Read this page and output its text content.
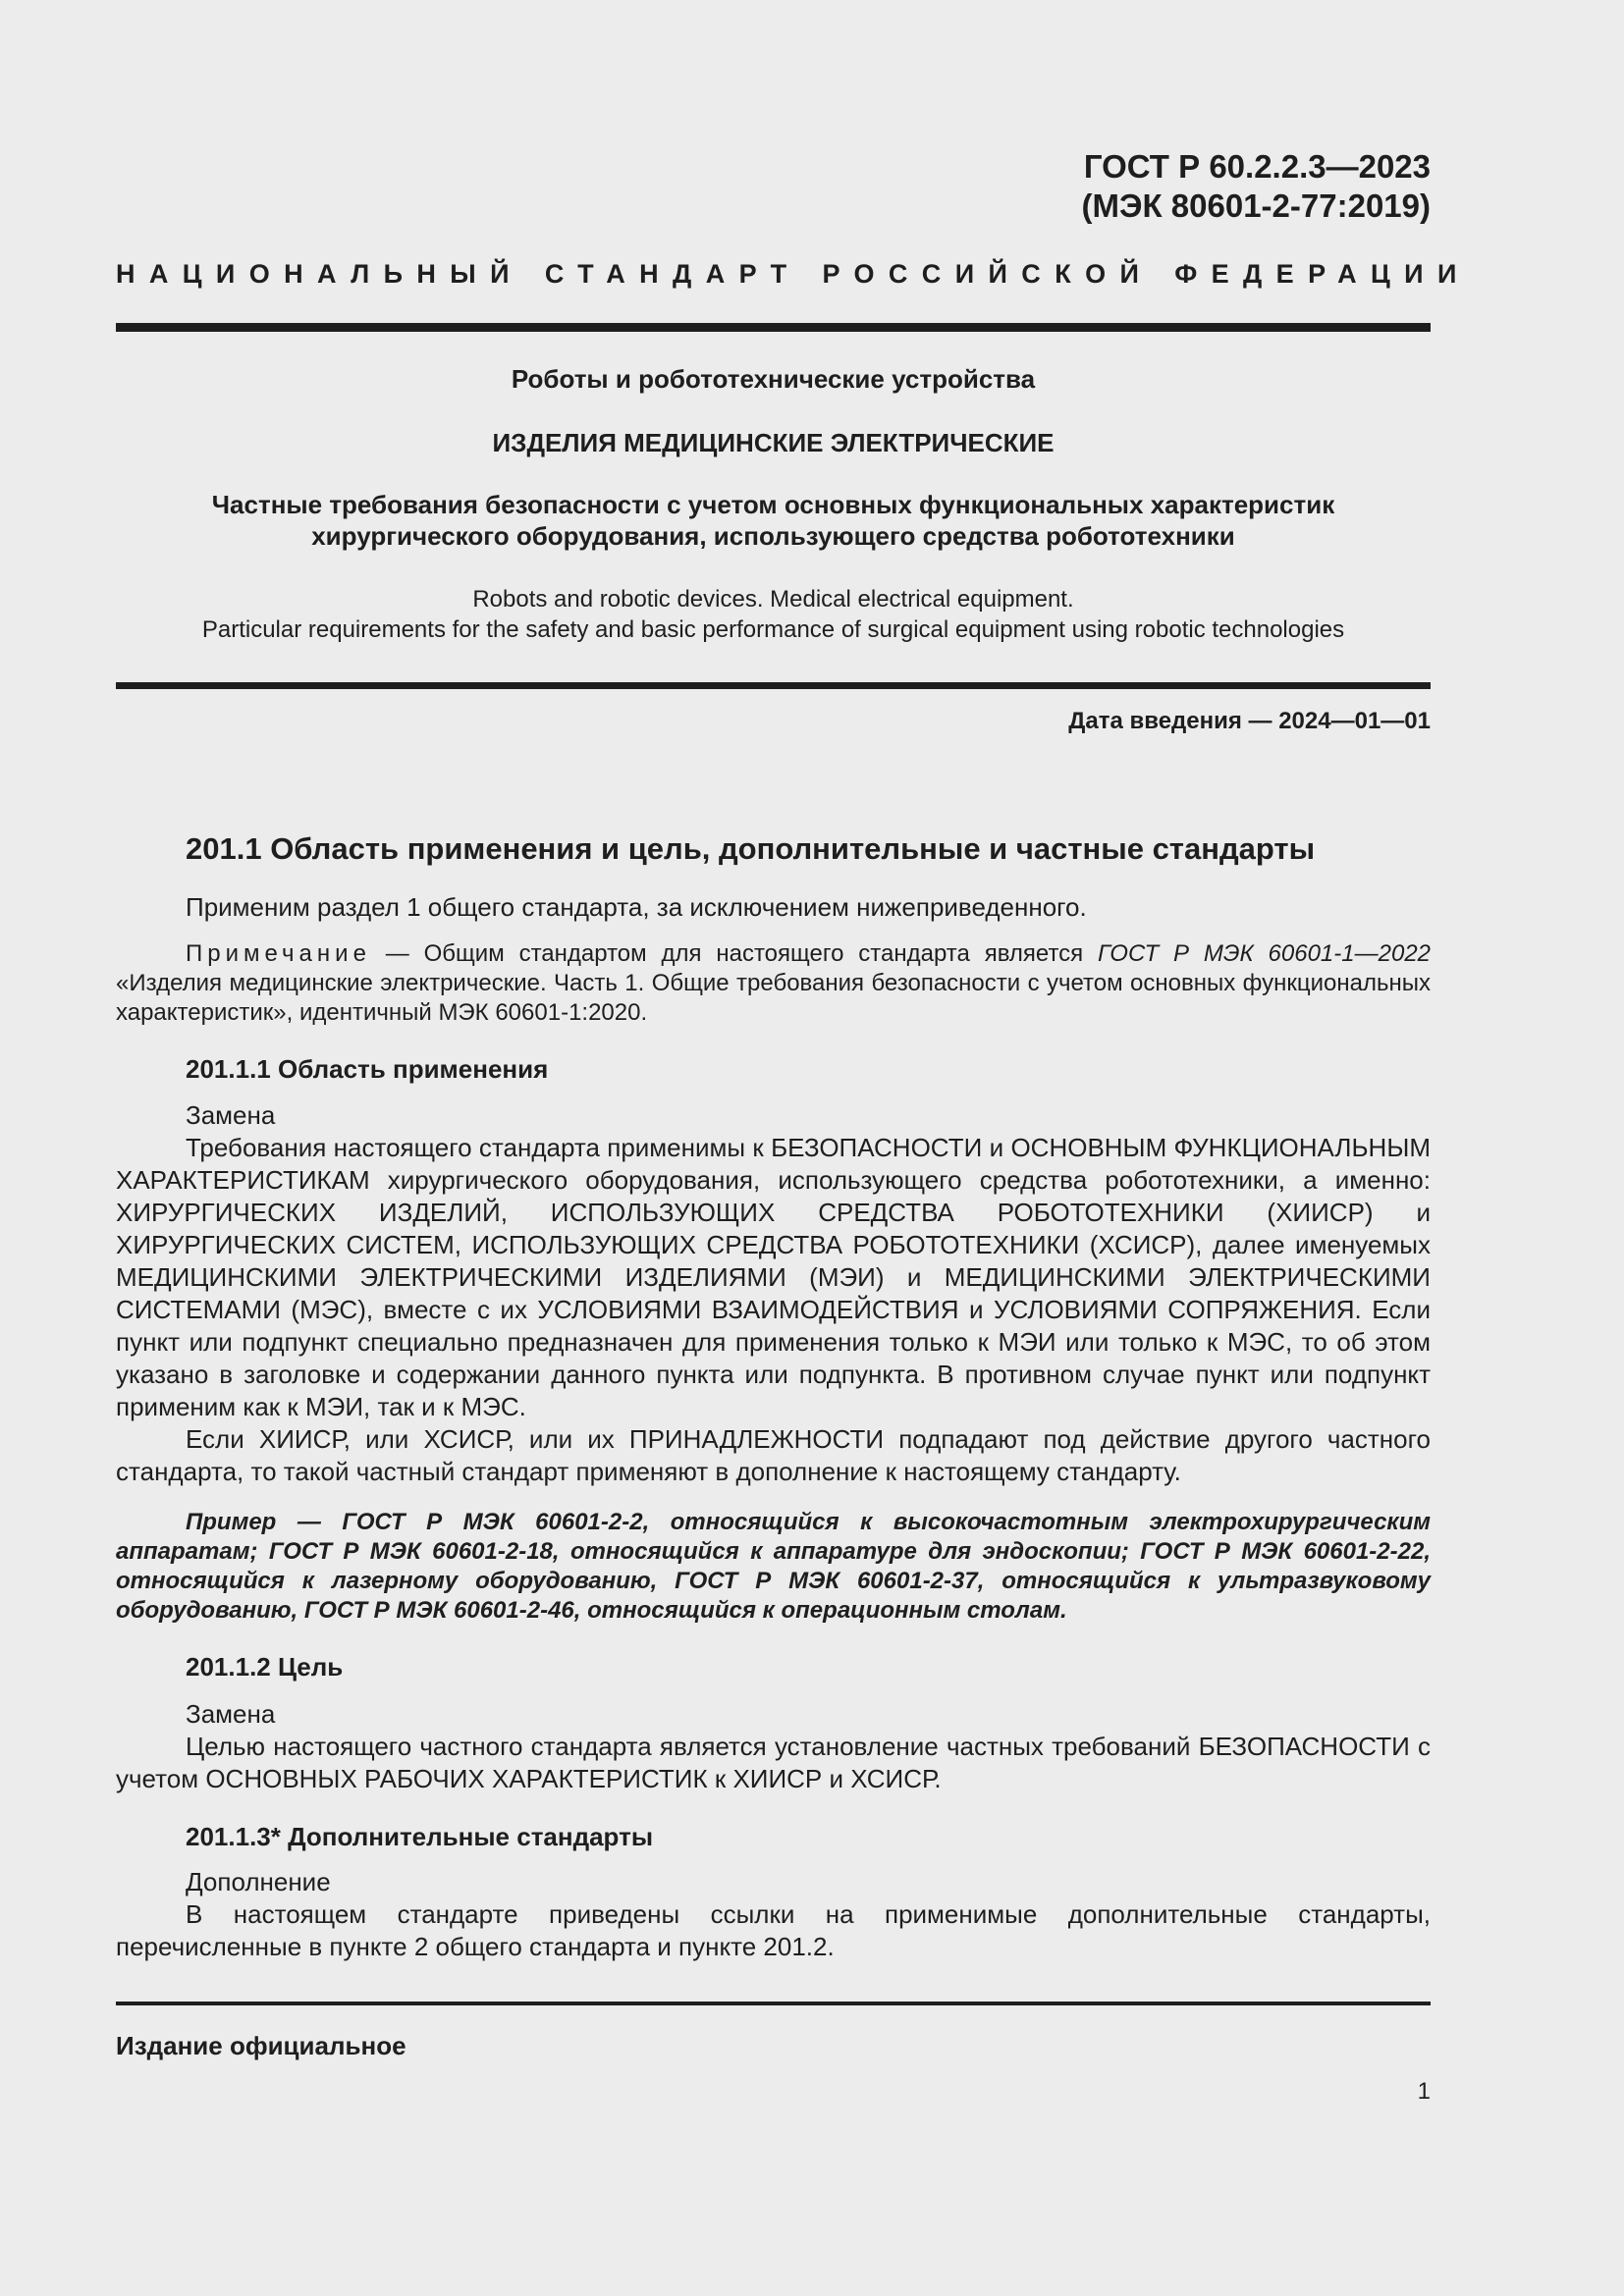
ГОСТ Р 60.2.2.3—2023
(МЭК 80601-2-77:2019)
НАЦИОНАЛЬНЫЙ СТАНДАРТ РОССИЙСКОЙ ФЕДЕРАЦИИ
Роботы и робототехнические устройства
ИЗДЕЛИЯ МЕДИЦИНСКИЕ ЭЛЕКТРИЧЕСКИЕ
Частные требования безопасности с учетом основных функциональных характеристик
хирургического оборудования, использующего средства робототехники
Robots and robotic devices. Medical electrical equipment.
Particular requirements for the safety and basic performance of surgical equipment using robotic technologies
Дата введения — 2024—01—01
201.1 Область применения и цель, дополнительные и частные стандарты

Применим раздел 1 общего стандарта, за исключением нижеприведенного.

Примечание — Общим стандартом для настоящего стандарта является ГОСТ Р МЭК 60601-1—2022 «Изделия медицинские электрические. Часть 1. Общие требования безопасности с учетом основных функциональных характеристик», идентичный МЭК 60601-1:2020.

201.1.1 Область применения

Замена

Требования настоящего стандарта применимы к БЕЗОПАСНОСТИ и ОСНОВНЫМ ФУНКЦИОНАЛЬНЫМ ХАРАКТЕРИСТИКАМ хирургического оборудования, использующего средства робототехники, а именно: ХИРУРГИЧЕСКИХ ИЗДЕЛИЙ, ИСПОЛЬЗУЮЩИХ СРЕДСТВА РОБОТОТЕХНИКИ (ХИИСР) и ХИРУРГИЧЕСКИХ СИСТЕМ, ИСПОЛЬЗУЮЩИХ СРЕДСТВА РОБОТОТЕХНИКИ (ХСИСР), далее именуемых МЕДИЦИНСКИМИ ЭЛЕКТРИЧЕСКИМИ ИЗДЕЛИЯМИ (МЭИ) и МЕДИЦИНСКИМИ ЭЛЕКТРИЧЕСКИМИ СИСТЕМАМИ (МЭС), вместе с их УСЛОВИЯМИ ВЗАИМОДЕЙСТВИЯ и УСЛОВИЯМИ СОПРЯЖЕНИЯ. Если пункт или подпункт специально предназначен для применения только к МЭИ или только к МЭС, то об этом указано в заголовке и содержании данного пункта или подпункта. В противном случае пункт или подпункт применим как к МЭИ, так и к МЭС.

Если ХИИСР, или ХСИСР, или их ПРИНАДЛЕЖНОСТИ подпадают под действие другого частного стандарта, то такой частный стандарт применяют в дополнение к настоящему стандарту.

Пример — ГОСТ Р МЭК 60601-2-2, относящийся к высокочастотным электрохирургическим аппаратам; ГОСТ Р МЭК 60601-2-18, относящийся к аппаратуре для эндоскопии; ГОСТ Р МЭК 60601-2-22, относящийся к лазерному оборудованию, ГОСТ Р МЭК 60601-2-37, относящийся к ультразвуковому оборудованию, ГОСТ Р МЭК 60601-2-46, относящийся к операционным столам.

201.1.2 Цель

Замена

Целью настоящего частного стандарта является установление частных требований БЕЗОПАСНОСТИ с учетом ОСНОВНЫХ РАБОЧИХ ХАРАКТЕРИСТИК к ХИИСР и ХСИСР.

201.1.3* Дополнительные стандарты

Дополнение

В настоящем стандарте приведены ссылки на применимые дополнительные стандарты, перечисленные в пункте 2 общего стандарта и пункте 201.2.

Издание официальное
1
